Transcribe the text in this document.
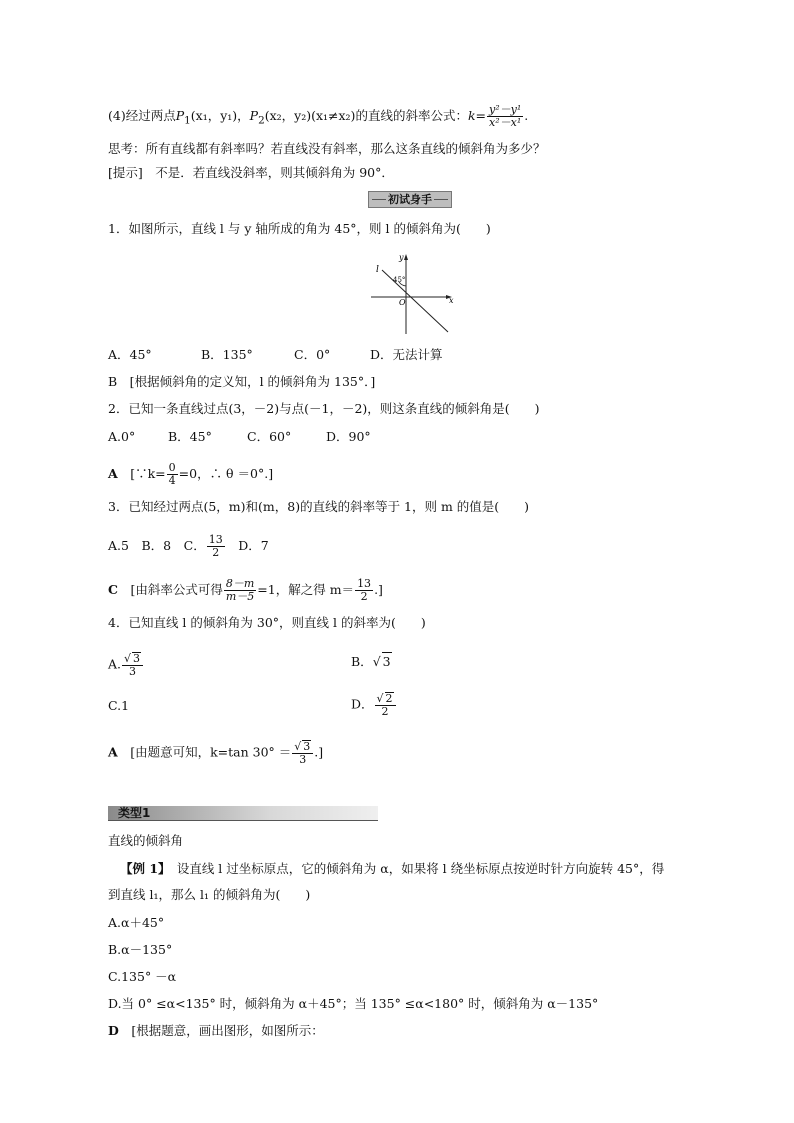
(4)经过两点$P_1(x_1$，y₁)，$P_2(x_2$，y₂)(x₁≠x₂)的直线的斜率公式：$k= \frac{\text{y²－y¹}}{\text{x²－x¹}}$ .
思考：所有直线都有斜率吗？若直线没有斜率，那么这条直线的倾斜角为多少？
[提示]　不是．若直线没斜率，则其倾斜角为 90°．
初试身手
1．如图所示，直线 l 与 y 轴所成的角为 45°，则 l 的倾斜角为(　　)
l
y
x
O
45°
A．45°	B．135°	C．0°	D．无法计算
B　[根据倾斜角的定义知，l 的倾斜角为 135°．]
2．已知一条直线过点(3，－2)与点(－1，－2)，则这条直线的倾斜角是(　　)
A.0°	B．45°	C．60°	D．90°
A　 [∵k= $\frac{0}{4} =0$，∴ θ ＝0°.]
3．已知经过两点(5，m)和(m，8)的直线的斜率等于 1，则 m 的值是(　　)
A.5　 B．8　 C． $\frac{13}{2}$
　 D．7
C　 [由斜率公式可得 $\frac{8-m}{m-5} =1$，解之得 $m= \frac{13}{2}$ .]
4．已知直线 l 的倾斜角为 30°，则直线 l 的斜率为(　　)
A. $\frac{√ 3}{3}$	B．√ 3
C.1	D． $\frac{√ 2}{2}$
A　 [由题意可知，k=tan $30^\circ = \frac{√ 3}{3}$ .]
类型1
直线的倾斜角
【例 1】　 设直线 l 过坐标原点，它的倾斜角为 α，如果将 l 绕坐标原点按逆时针方向旋转 45°，得
到直线 l₁，那么 l₁ 的倾斜角为(　　)
A.α＋45°
B.α－135°
C.135° －α
D.当 0° ≤α<135° 时，倾斜角为 α＋45°；当 135° ≤α<180° 时，倾斜角为 α－135°
D　 [根据题意，画出图形，如图所示：
